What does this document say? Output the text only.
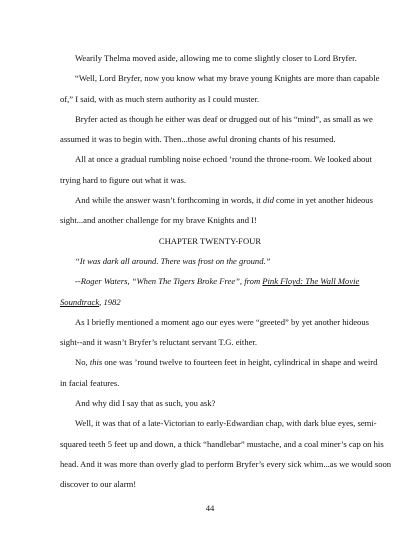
Wearily Thelma moved aside, allowing me to come slightly closer to Lord Bryfer.

“Well, Lord Bryfer, now you know what my brave young Knights are more than capable

of,” I said, with as much stern authority as I could muster.

Bryfer acted as though he either was deaf or drugged out of his “mind”, as small as we

assumed it was to begin with. Then...those awful droning chants of his resumed.

All at once a gradual rumbling noise echoed ’round the throne-room. We looked about

trying hard to figure out what it was.

And while the answer wasn’t forthcoming in words, it did come in yet another hideous

sight...and another challenge for my brave Knights and I!

CHAPTER TWENTY-FOUR

“It was dark all around. There was frost on the ground.”

--Roger Waters, “When The Tigers Broke Free”, from Pink Floyd: The Wall Movie

Soundtrack, 1982

As I briefly mentioned a moment ago our eyes were “greeted” by yet another hideous

sight--and it wasn’t Bryfer’s reluctant servant T.G. either.

No, this one was ’round twelve to fourteen feet in height, cylindrical in shape and weird

in facial features.

And why did I say that as such, you ask?

Well, it was that of a late-Victorian to early-Edwardian chap, with dark blue eyes, semi-

squared teeth 5 feet up and down, a thick “handlebar” mustache, and a coal miner’s cap on his

head. And it was more than overly glad to perform Bryfer’s every sick whim...as we would soon

discover to our alarm!

44
